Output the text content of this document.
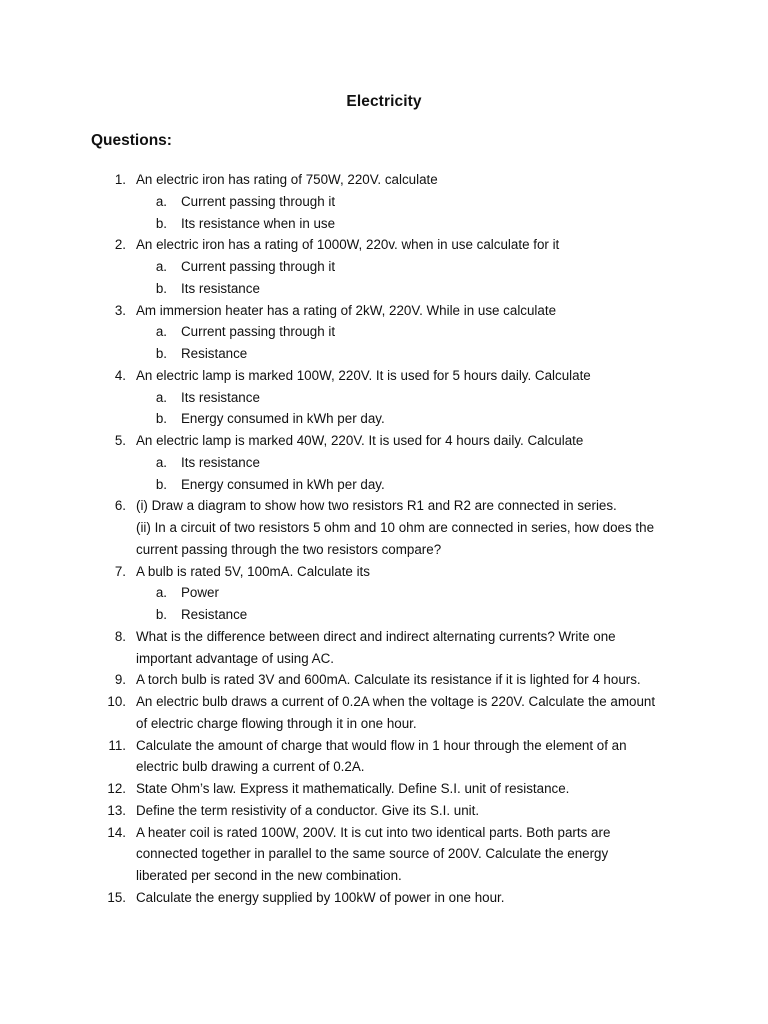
Electricity
Questions:
1. An electric iron has rating of 750W, 220V. calculate
a. Current passing through it
b. Its resistance when in use
2. An electric iron has a rating of 1000W, 220v. when in use calculate for it
a. Current passing through it
b. Its resistance
3. Am immersion heater has a rating of 2kW, 220V. While in use calculate
a. Current passing through it
b. Resistance
4. An electric lamp is marked 100W, 220V. It is used for 5 hours daily. Calculate
a. Its resistance
b. Energy consumed in kWh per day.
5. An electric lamp is marked 40W, 220V. It is used for 4 hours daily. Calculate
a. Its resistance
b. Energy consumed in kWh per day.
6. (i) Draw a diagram to show how two resistors R1 and R2 are connected in series.
(ii) In a circuit of two resistors 5 ohm and 10 ohm are connected in series, how does the
current passing through the two resistors compare?
7. A bulb is rated 5V, 100mA. Calculate its
a. Power
b. Resistance
8. What is the difference between direct and indirect alternating currents? Write one
important advantage of using AC.
9. A torch bulb is rated 3V and 600mA. Calculate its resistance if it is lighted for 4 hours.
10. An electric bulb draws a current of 0.2A when the voltage is 220V. Calculate the amount
of electric charge flowing through it in one hour.
11. Calculate the amount of charge that would flow in 1 hour through the element of an
electric bulb drawing a current of 0.2A.
12. State Ohm’s law. Express it mathematically. Define S.I. unit of resistance.
13. Define the term resistivity of a conductor. Give its S.I. unit.
14. A heater coil is rated 100W, 200V. It is cut into two identical parts. Both parts are
connected together in parallel to the same source of 200V. Calculate the energy
liberated per second in the new combination.
15. Calculate the energy supplied by 100kW of power in one hour.
